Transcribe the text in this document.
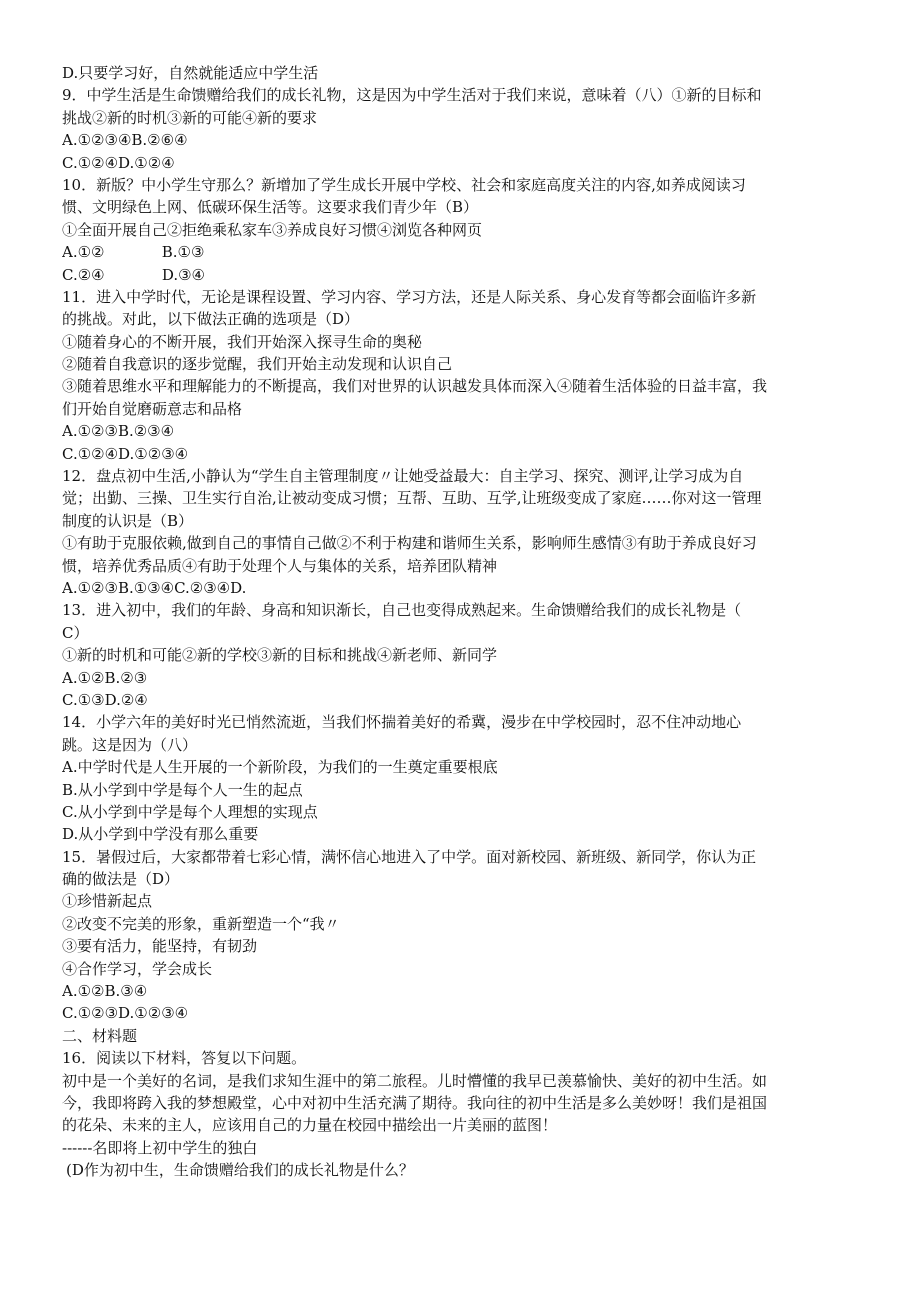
D.只要学习好，自然就能适应中学生活
9．中学生活是生命馈赠给我们的成长礼物，这是因为中学生活对于我们来说，意味着（八）①新的目标和
挑战②新的时机③新的可能④新的要求
A.①②③④B.②⑥④
C.①②④D.①②④
10．新版？中小学生守那么？新增加了学生成长开展中学校、社会和家庭高度关注的内容,如养成阅读习
惯、文明绿色上网、低碳环保生活等。这要求我们青少年（B）
①全面开展自己②拒绝乘私家车③养成良好习惯④浏览各种网页
A.①②            B.①③
C.②④            D.③④
11．进入中学时代，无论是课程设置、学习内容、学习方法，还是人际关系、身心发育等都会面临许多新
的挑战。对此，以下做法正确的选项是（D）
①随着身心的不断开展，我们开始深入探寻生命的奥秘
②随着自我意识的逐步觉醒，我们开始主动发现和认识自己
③随着思维水平和理解能力的不断提高，我们对世界的认识越发具体而深入④随着生活体验的日益丰富，我
们开始自觉磨砺意志和品格
A.①②③B.②③④
C.①②④D.①②③④
12．盘点初中生活,小静认为“学生自主管理制度〃让她受益最大：自主学习、探究、测评,让学习成为自
觉；出勤、三操、卫生实行自治,让被动变成习惯；互帮、互助、互学,让班级变成了家庭……你对这一管理
制度的认识是（B）
①有助于克服依赖,做到自己的事情自己做②不利于构建和谐师生关系，影响师生感情③有助于养成良好习
惯，培养优秀品质④有助于处理个人与集体的关系，培养团队精神
A.①②③B.①③④C.②③④D.
13．进入初中，我们的年龄、身高和知识渐长，自己也变得成熟起来。生命馈赠给我们的成长礼物是（
C）
①新的时机和可能②新的学校③新的目标和挑战④新老师、新同学
A.①②B.②③
C.①③D.②④
14．小学六年的美好时光已悄然流逝，当我们怀揣着美好的希冀，漫步在中学校园时，忍不住冲动地心
跳。这是因为（八）
A.中学时代是人生开展的一个新阶段，为我们的一生奠定重要根底
B.从小学到中学是每个人一生的起点
C.从小学到中学是每个人理想的实现点
D.从小学到中学没有那么重要
15．暑假过后，大家都带着七彩心情，满怀信心地进入了中学。面对新校园、新班级、新同学，你认为正
确的做法是（D）
①珍惜新起点
②改变不完美的形象，重新塑造一个“我〃
③要有活力，能坚持，有韧劲
④合作学习，学会成长
A.①②B.③④
C.①②③D.①②③④
二、材料题
16．阅读以下材料，答复以下问题。
初中是一个美好的名词，是我们求知生涯中的第二旅程。儿时懵懂的我早已羡慕愉快、美好的初中生活。如
今，我即将跨入我的梦想殿堂，心中对初中生活充满了期待。我向往的初中生活是多么美妙呀！我们是祖国
的花朵、未来的主人，应该用自己的力量在校园中描绘出一片美丽的蓝图！
------名即将上初中学生的独白
(D作为初中生，生命馈赠给我们的成长礼物是什么？
